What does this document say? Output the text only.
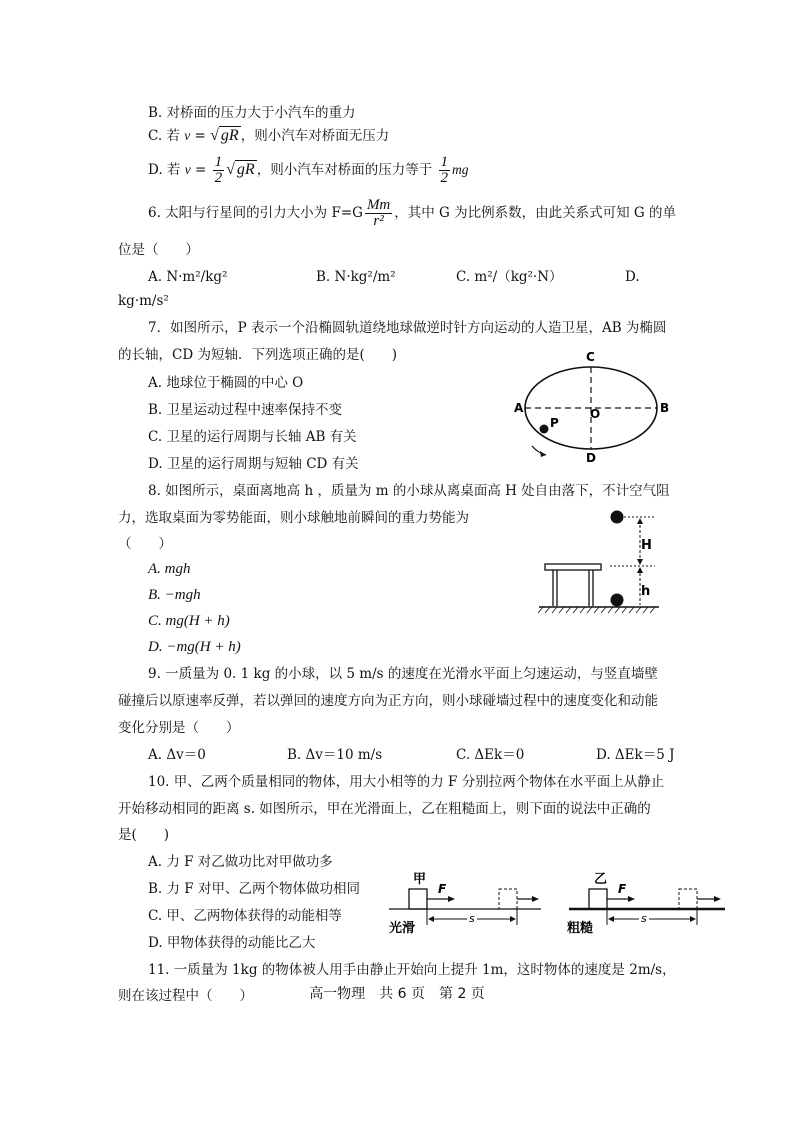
B. 对桥面的压力大于小汽车的重力
C. 若 v = √ gR ，则小汽车对桥面无压力
D. 若 $v = \frac{1}{2}$ √ gR ，则小汽车对桥面的压力等于 $\frac{1}{2}$ mg
6. 太阳与行星间的引力大小为 $F=G \frac{Mm}{\text{r²}}$ ，其中 G 为比例系数，由此关系式可知 G 的单
位是（　　）
A. N·m²/kg²	B. N·kg²/m²	C. m²/（kg²·N）	D.
kg·m/s²
7．如图所示，P 表示一个沿椭圆轨道绕地球做逆时针方向运动的人造卫星，AB 为椭圆
的长轴，CD 为短轴．下列选项正确的是(　　)
A. 地球位于椭圆的中心 O
B. 卫星运动过程中速率保持不变
C. 卫星的运行周期与长轴 AB 有关
D. 卫星的运行周期与短轴 CD 有关
C
D
A	B
O
P
8. 如图所示，桌面离地高 h ，质量为 m 的小球从离桌面高 H 处自由落下，不计空气阻
力，选取桌面为零势能面，则小球触地前瞬间的重力势能为
（　　）
A. mgh
B. −mgh
C. mg(H + h)
D. −mg(H + h)
H
h
9. 一质量为 0. 1 kg 的小球，以 5 m/s 的速度在光滑水平面上匀速运动，与竖直墙壁
碰撞后以原速率反弹，若以弹回的速度方向为正方向，则小球碰墙过程中的速度变化和动能
变化分别是（　　）
A. Δv＝0	B. Δv＝10 m/s	C. ΔEk＝0	D. ΔEk＝5 J
10. 甲、乙两个质量相同的物体，用大小相等的力 F 分别拉两个物体在水平面上从静止
开始移动相同的距离 s. 如图所示，甲在光滑面上，乙在粗糙面上，则下面的说法中正确的
是(　　)
A. 力 F 对乙做功比对甲做功多
B. 力 F 对甲、乙两个物体做功相同
C. 甲、乙两物体获得的动能相等
D. 甲物体获得的动能比乙大
甲
F
s
光滑
乙
F
s
粗糙
11. 一质量为 1kg 的物体被人用手由静止开始向上提升 1m，这时物体的速度是 2m/s，
则在该过程中（　　）	高一物理　共 6 页　第 2 页
